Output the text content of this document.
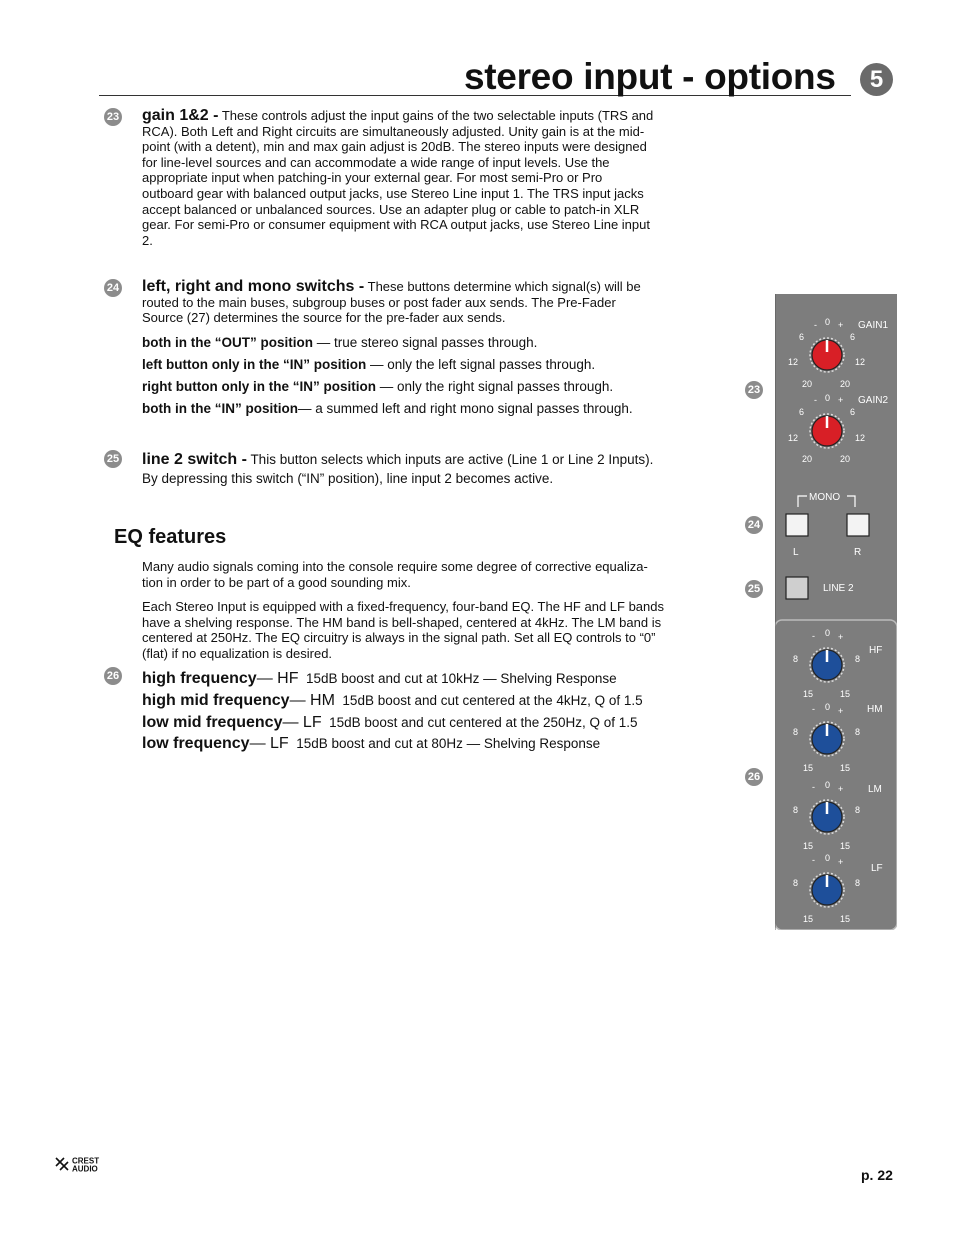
stereo input - options	5
23 gain 1&2 - These controls adjust the input gains of the two selectable inputs (TRS and RCA). Both Left and Right circuits are simultaneously adjusted. Unity gain is at the mid-point (with a detent), min and max gain adjust is 20dB. The stereo inputs were designed for line-level sources and can accommodate a wide range of input levels. Use the appropriate input when patching-in your external gear. For most semi-Pro or Pro outboard gear with balanced output jacks, use Stereo Line input 1. The TRS input jacks accept balanced or unbalanced sources. Use an adapter plug or cable to patch-in XLR gear. For semi-Pro or consumer equipment with RCA output jacks, use Stereo Line input 2.
24 left, right and mono switchs - These buttons determine which signal(s) will be routed to the main buses, subgroup buses or post fader aux sends. The Pre-Fader Source (27) determines the source for the pre-fader aux sends.
both in the “OUT” position — true stereo signal passes through.
left button only in the “IN” position — only the left signal passes through.
right button only in the “IN” position — only the right signal passes through.
both in the “IN” position— a summed left and right mono signal passes through.
25 line 2 switch - This button selects which inputs are active (Line 1 or Line 2 Inputs). By depressing this switch (“IN” position), line input 2 becomes active.
EQ features
Many audio signals coming into the console require some degree of corrective equaliza-tion in order to be part of a good sounding mix.
Each Stereo Input is equipped with a fixed-frequency, four-band EQ. The HF and LF bands have a shelving response. The HM band is bell-shaped, centered at 4kHz. The LM band is centered at 250Hz. The EQ circuitry is always in the signal path. Set all EQ controls to “0” (flat) if no equalization is desired.
26 high frequency— HF 15dB boost and cut at 10kHz — Shelving Response
high mid frequency— HM 15dB boost and cut centered at the 4kHz, Q of 1.5
low mid frequency— LF 15dB boost and cut centered at the 250Hz, Q of 1.5
low frequency— LF 15dB boost and cut at 80Hz — Shelving Response
23
24
25
26
- 0 +
6	6
12	12
20	20
GAIN1
- 0 +
6	6
12	12
20	20
GAIN2
MONO
L	R
LINE 2
- 0 +
8	8
15	15
HF
- 0 +
8	8
15	15
HM
- 0 +
8	8
15	15
LM
- 0 +
8	8
15	15
LF
CREST
AUDIO	p. 22
